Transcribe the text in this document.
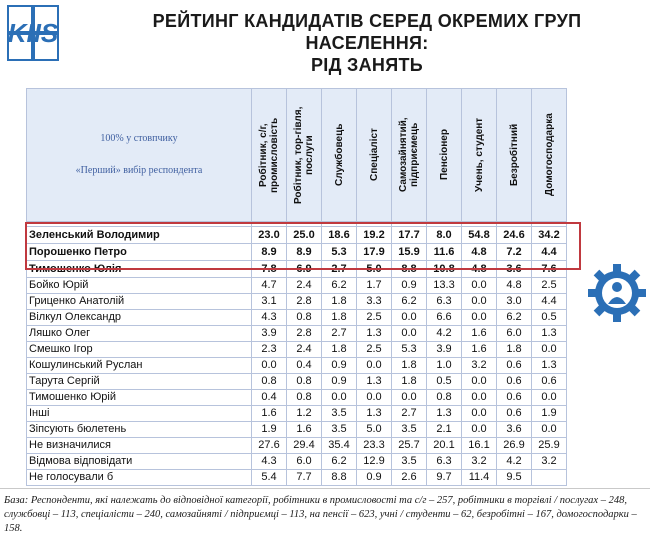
KIIS	РЕЙТИНГ КАНДИДАТІВ СЕРЕД ОКРЕМИХ ГРУП НАСЕЛЕННЯ:
РІД ЗАНЯТЬ
100% у стовпчику
«Перший» вибір респондента	Робітник, с/г, промисловість	Робітник, тор-гівля, послуги	Службовець	Спеціаліст	Самозайнятий, підприємець	Пенсіонер	Учень, студент	Безробітний	Домогосподарка

Зеленський Володимир	23.0	25.0	18.6	19.2	17.7	8.0	54.8	24.6	34.2
Порошенко Петро	8.9	8.9	5.3	17.9	15.9	11.6	4.8	7.2	4.4
Тимошенко Юлія	7.8	6.9	2.7	5.0	8.8	10.8	4.8	3.6	7.6
Бойко Юрій	4.7	2.4	6.2	1.7	0.9	13.3	0.0	4.8	2.5
Гриценко Анатолій	3.1	2.8	1.8	3.3	6.2	6.3	0.0	3.0	4.4
Вілкул Олександр	4.3	0.8	1.8	2.5	0.0	6.6	0.0	6.2	0.5
Ляшко Олег	3.9	2.8	2.7	1.3	0.0	4.2	1.6	6.0	1.3
Смешко Ігор	2.3	2.4	1.8	2.5	5.3	3.9	1.6	1.8	0.0
Кошулинський Руслан	0.0	0.4	0.9	0.0	1.8	1.0	3.2	0.6	1.3
Тарута Сергій	0.8	0.8	0.9	1.3	1.8	0.5	0.0	0.6	0.6
Тимошенко Юрій	0.4	0.8	0.0	0.0	0.0	0.8	0.0	0.6	0.0
Інші	1.6	1.2	3.5	1.3	2.7	1.3	0.0	0.6	1.9
Зіпсують бюлетень	1.9	1.6	3.5	5.0	3.5	2.1	0.0	3.6	0.0
Не визначилися	27.6	29.4	35.4	23.3	25.7	20.1	16.1	26.9	25.9
Відмова відповідати	4.3	6.0	6.2	12.9	3.5	6.3	3.2	4.2	3.2
Не голосували б	5.4	7.7	8.8	0.9	2.6	9.7	11.4	9.5	
База: Респонденти, які належать до відповідної категорії, робітники в промисловості та с/г – 257, робітники в торгівлі / послугах – 248, службовці – 113, спеціалісти – 240, самозайняті / підприємці – 113, на пенсії – 623, учні / студенти – 62, безробітні – 167, домогосподарки – 158.
